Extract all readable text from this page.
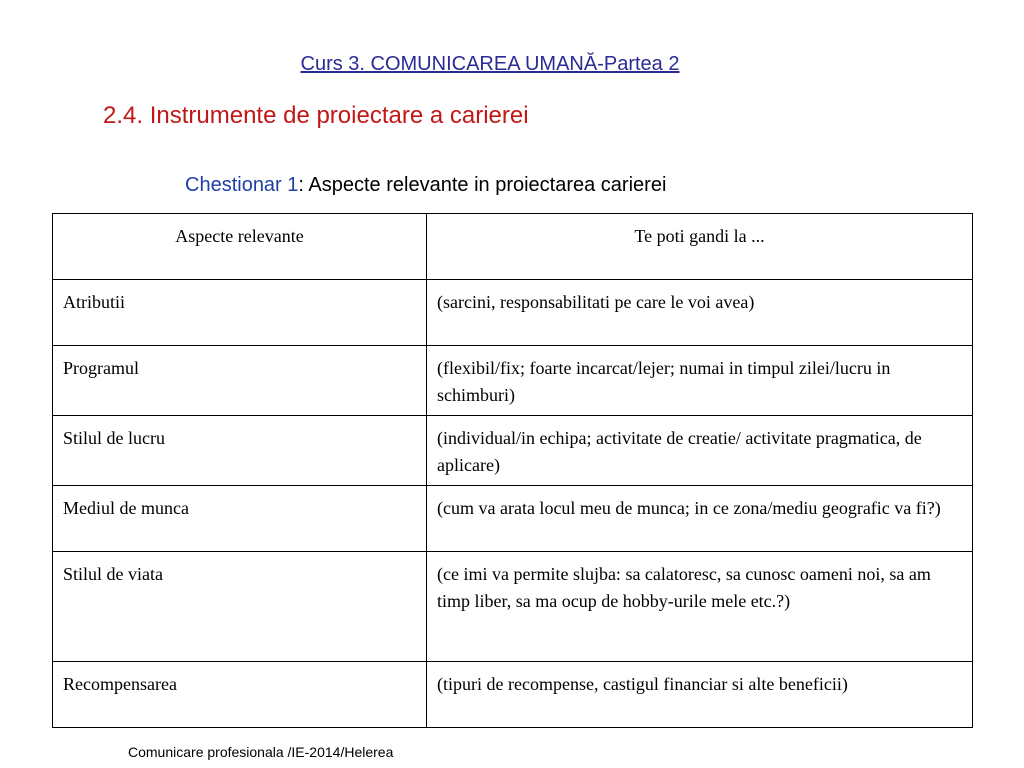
Curs 3. COMUNICAREA UMANĂ-Partea 2
2.4. Instrumente de proiectare a carierei
Chestionar 1: Aspecte relevante in proiectarea carierei
Aspecte relevante	Te poti gandi la ...
Atributii	(sarcini, responsabilitati pe care le voi avea)
Programul	(flexibil/fix; foarte incarcat/lejer; numai in timpul zilei/lucru in schimburi)
Stilul de lucru	(individual/in echipa; activitate de creatie/ activitate pragmatica, de aplicare)
Mediul de munca	(cum va arata locul meu de munca; in ce zona/mediu geografic va fi?)
Stilul de viata	(ce imi va permite slujba: sa calatoresc, sa cunosc oameni noi, sa am timp liber, sa ma ocup de hobby-urile mele etc.?)
Recompensarea	(tipuri de recompense, castigul financiar si alte beneficii)
Comunicare profesionala /IE-2014/Helerea
